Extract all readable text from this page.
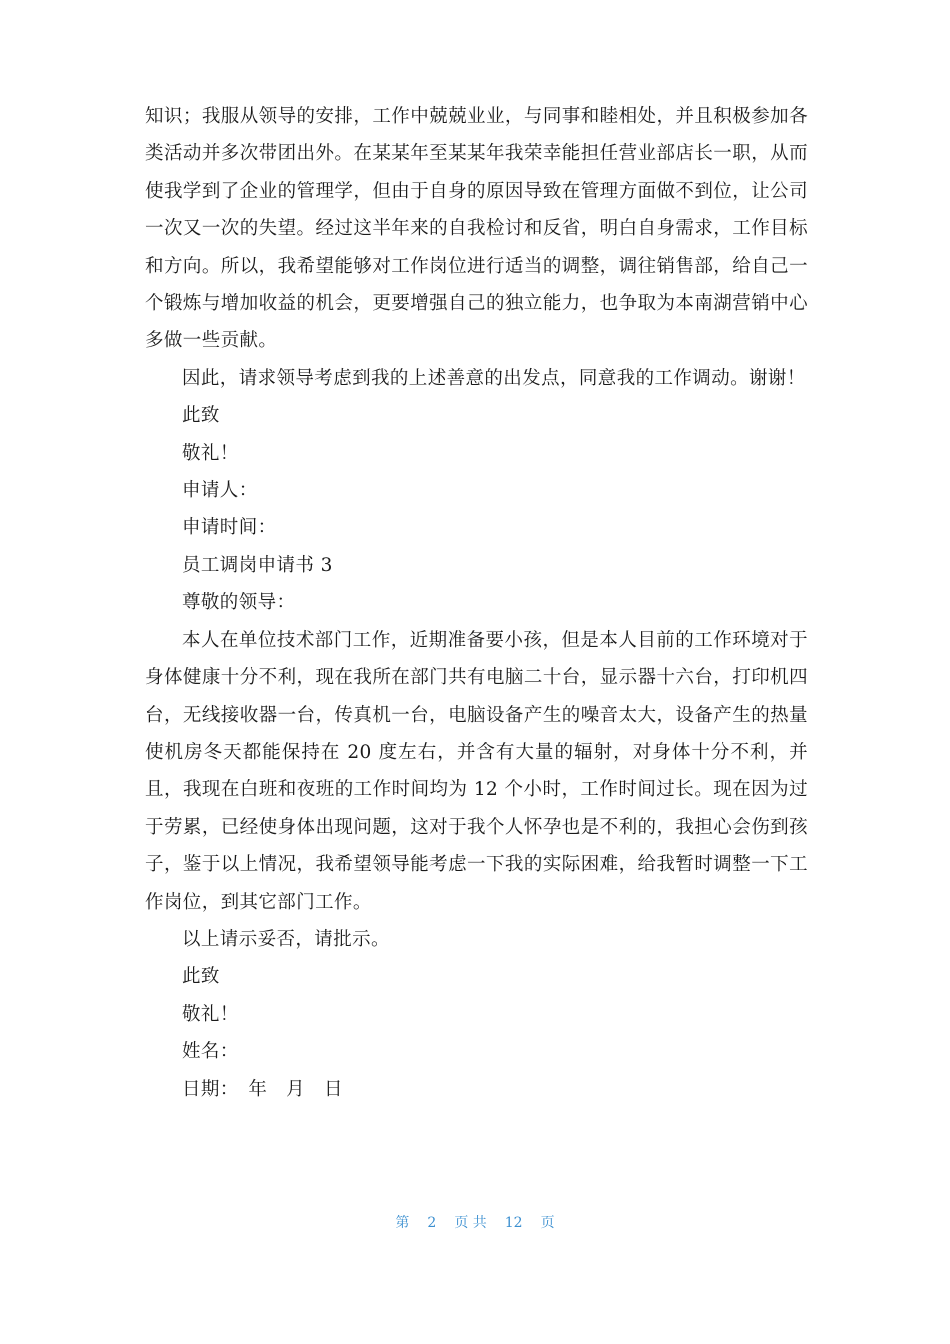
知识；我服从领导的安排，工作中兢兢业业，与同事和睦相处，并且积极参加各类活动并多次带团出外。在某某年至某某年我荣幸能担任营业部店长一职，从而使我学到了企业的管理学，但由于自身的原因导致在管理方面做不到位，让公司一次又一次的失望。经过这半年来的自我检讨和反省，明白自身需求，工作目标和方向。所以，我希望能够对工作岗位进行适当的调整，调往销售部，给自己一个锻炼与增加收益的机会，更要增强自己的独立能力，也争取为本南湖营销中心多做一些贡献。

因此，请求领导考虑到我的上述善意的出发点，同意我的工作调动。谢谢！

此致

敬礼！

申请人：

申请时间：

员工调岗申请书 3

尊敬的领导：

本人在单位技术部门工作，近期准备要小孩，但是本人目前的工作环境对于身体健康十分不利，现在我所在部门共有电脑二十台，显示器十六台，打印机四台，无线接收器一台，传真机一台，电脑设备产生的噪音太大，设备产生的热量使机房冬天都能保持在 20 度左右，并含有大量的辐射，对身体十分不利，并且，我现在白班和夜班的工作时间均为 12 个小时，工作时间过长。现在因为过于劳累，已经使身体出现问题，这对于我个人怀孕也是不利的，我担心会伤到孩子，鉴于以上情况，我希望领导能考虑一下我的实际困难，给我暂时调整一下工作岗位，到其它部门工作。

以上请示妥否，请批示。

此致

敬礼！

姓名：

日期：　年　月　日

第 2 页 共 12 页
